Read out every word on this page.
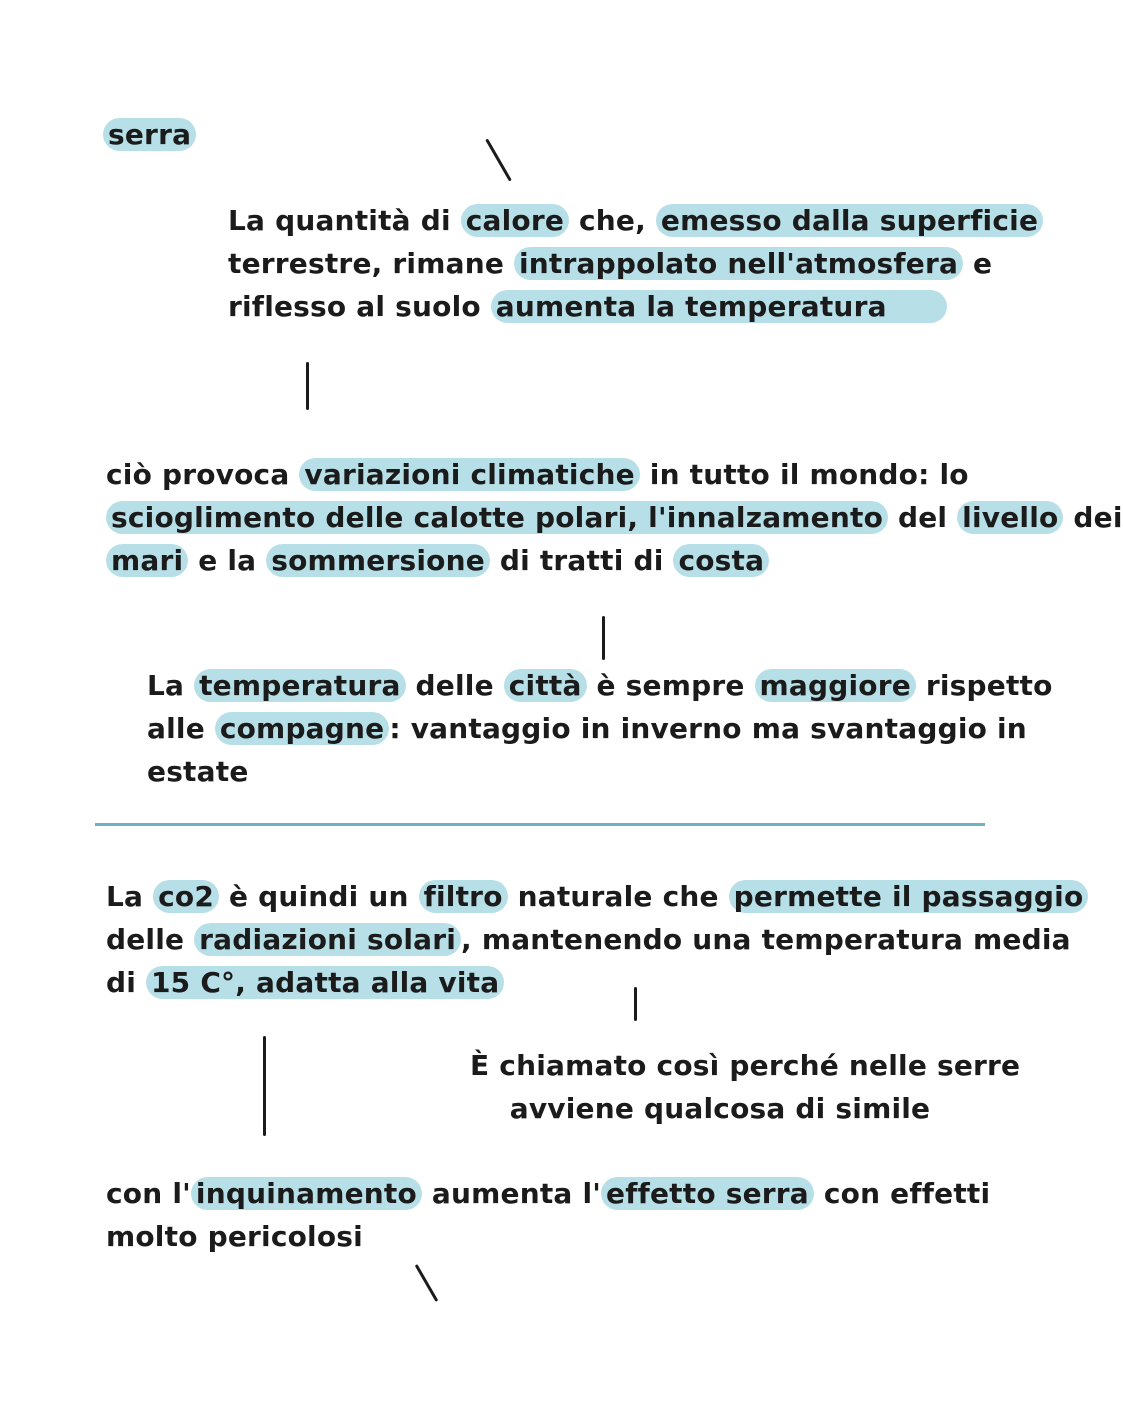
serra

La quantità di calore che, emesso dalla superficie
terrestre, rimane intrappolato nell'atmosfera e
riflesso al suolo aumenta la temperatura
ciò provoca variazioni climatiche in tutto il mondo: lo
scioglimento delle calotte polari, l'innalzamento del livello dei
mari e la sommersione di tratti di costa
La temperatura delle città è sempre maggiore rispetto
alle compagne : vantaggio in inverno ma svantaggio in
estate
La co2 è quindi un filtro naturale che permette il passaggio
delle radiazioni solari , mantenendo una temperatura media
di 15 C°, adatta alla vita
È chiamato così perché nelle serre
avviene qualcosa di simile
con l' inquinamento aumenta l' effetto serra con effetti
molto pericolosi
